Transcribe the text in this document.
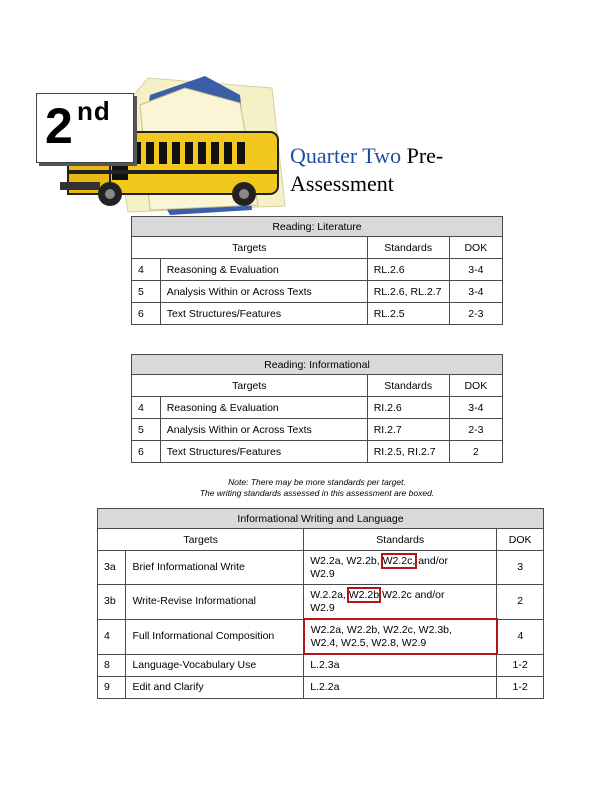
2 nd
Quarter Two Pre-
Assessment
Reading: Literature			
Targets		Standards	DOK
4	Reasoning & Evaluation	RL.2.6	3-4
5	Analysis Within or Across Texts	RL.2.6, RL.2.7	3-4
6	Text Structures/Features	RL.2.5	2-3
Reading: Informational			
Targets		Standards	DOK
4	Reasoning & Evaluation	RI.2.6	3-4
5	Analysis Within or Across Texts	RI.2.7	2-3
6	Text Structures/Features	RI.2.5, RI.2.7	2
Note: There may be more standards per target.
The writing standards assessed in this assessment are boxed.
Informational Writing and Language			
Targets		Standards	DOK
3a	Brief Informational Write	W2.2a, W2.2b, W2.2c, and/or
W2.9	3
3b	Write-Revise Informational	W.2.2a, W2.2b W2.2c and/or
W2.9	2
4	Full Informational Composition	W2.2a, W2.2b, W2.2c, W2.3b,
W2.4, W2.5, W2.8, W2.9	4
8	Language-Vocabulary Use	L.2.3a	1-2
9	Edit and Clarify	L.2.2a	1-2
